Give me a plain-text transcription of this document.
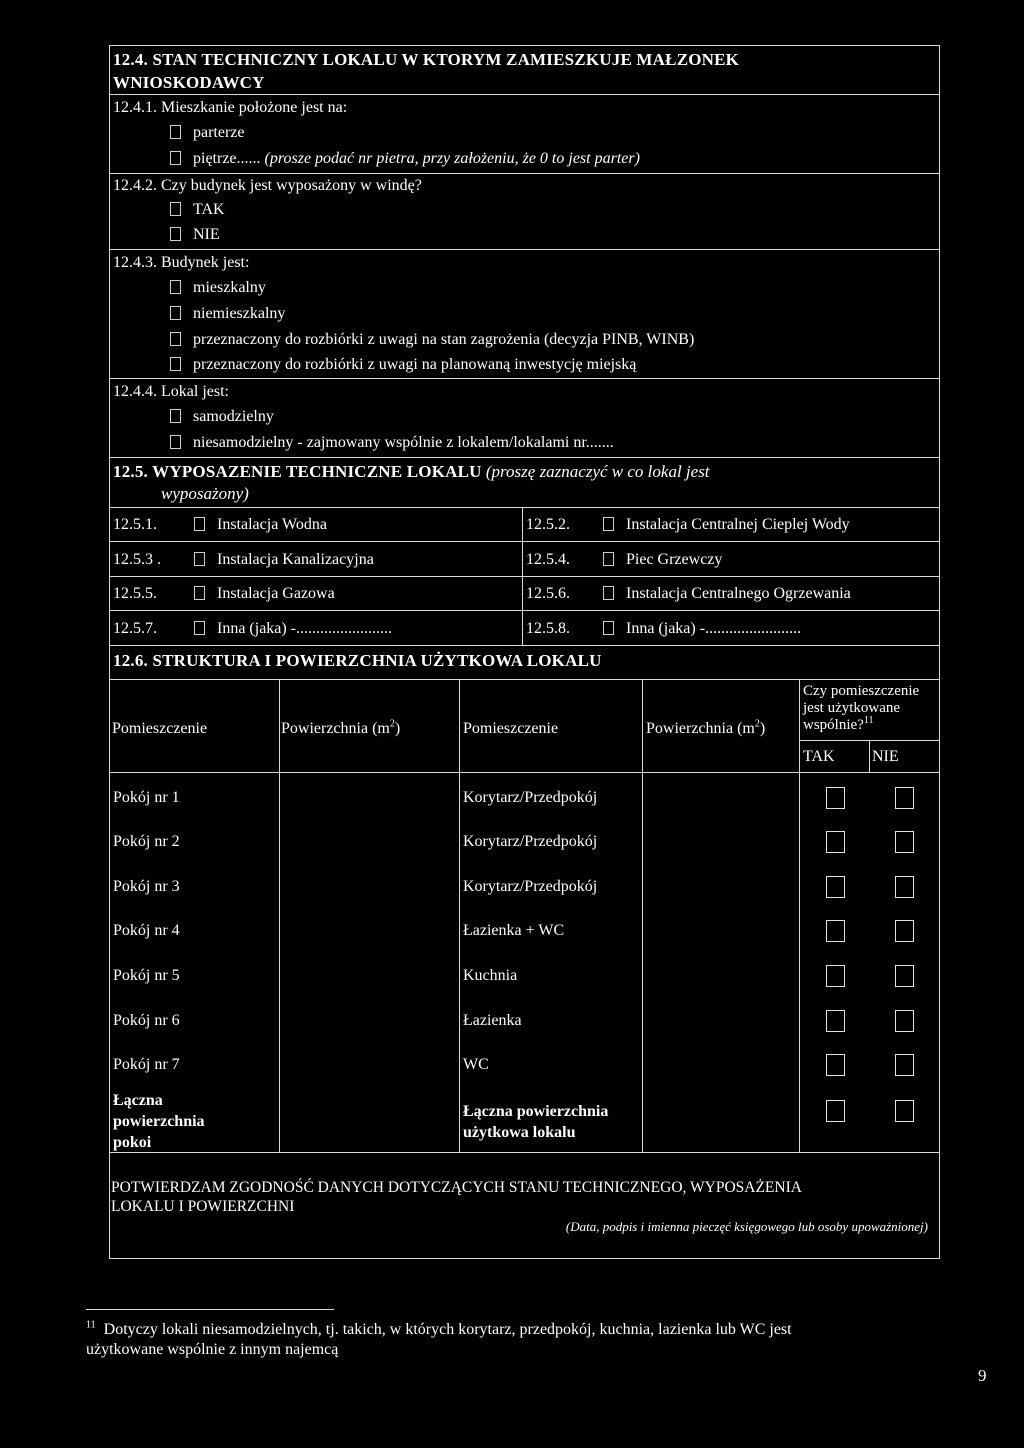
12.4. STAN TECHNICZNY LOKALU W KTORYM ZAMIESZKUJE MAŁZONEK WNIOSKODAWCY
12.4.1. Mieszkanie położone jest na:
parterze
piętrze...... (prosze podać nr pietra, przy założeniu, że 0 to jest parter)
12.4.2. Czy budynek jest wyposażony w windę?
TAK
NIE
12.4.3. Budynek jest:
mieszkalny
niemieszkalny
przeznaczony do rozbiórki z uwagi na stan zagrożenia (decyzja PINB, WINB)
przeznaczony do rozbiórki z uwagi na planowaną inwestycję miejską
12.4.4. Lokal jest:
samodzielny
niesamodzielny - zajmowany wspólnie z lokalem/lokalami nr.......
12.5. WYPOSAZENIE TECHNICZNE LOKALU (proszę zaznaczyć w co lokal jest
wyposażony)
12.5.1.	Instalacja Wodna	12.5.2.	Instalacja Centralnej Cieplej Wody
12.5.3 .	Instalacja Kanalizacyjna	12.5.4.	Piec Grzewczy
12.5.5.	Instalacja Gazowa	12.5.6.	Instalacja Centralnego Ogrzewania
12.5.7.	Inna (jaka) -........................	12.5.8.	Inna (jaka) -........................
12.6. STRUKTURA I POWIERZCHNIA UŻYTKOWA LOKALU
Pomieszczenie	Powierzchnia $(m^2)$	Pomieszczenie	Powierzchnia $(m^2)$
Czy pomieszczenie
jest użytkowane
wspólnie?$^{11}$
TAK NIE
Pokój nr 1	Korytarz/Przedpokój
Pokój nr 2	Korytarz/Przedpokój
Pokój nr 3	Korytarz/Przedpokój
Pokój nr 4	Łazienka + WC
Pokój nr 5	Kuchnia
Pokój nr 6	Łazienka
Pokój nr 7	WC
Łączna
powierzchnia
pokoi
Łączna powierzchnia
użytkowa lokalu
POTWIERDZAM ZGODNOŚĆ DANYCH DOTYCZĄCYCH STANU TECHNICZNEGO, WYPOSAŻENIA
LOKALU I POWIERZCHNI
(Data, podpis i imienna pieczęć księgowego lub osoby upoważnionej)
$^{11}$ Dotyczy lokali niesamodzielnych, tj. takich, w których korytarz, przedpokój, kuchnia, lazienka lub WC jest
użytkowane wspólnie z innym najemcą
9
